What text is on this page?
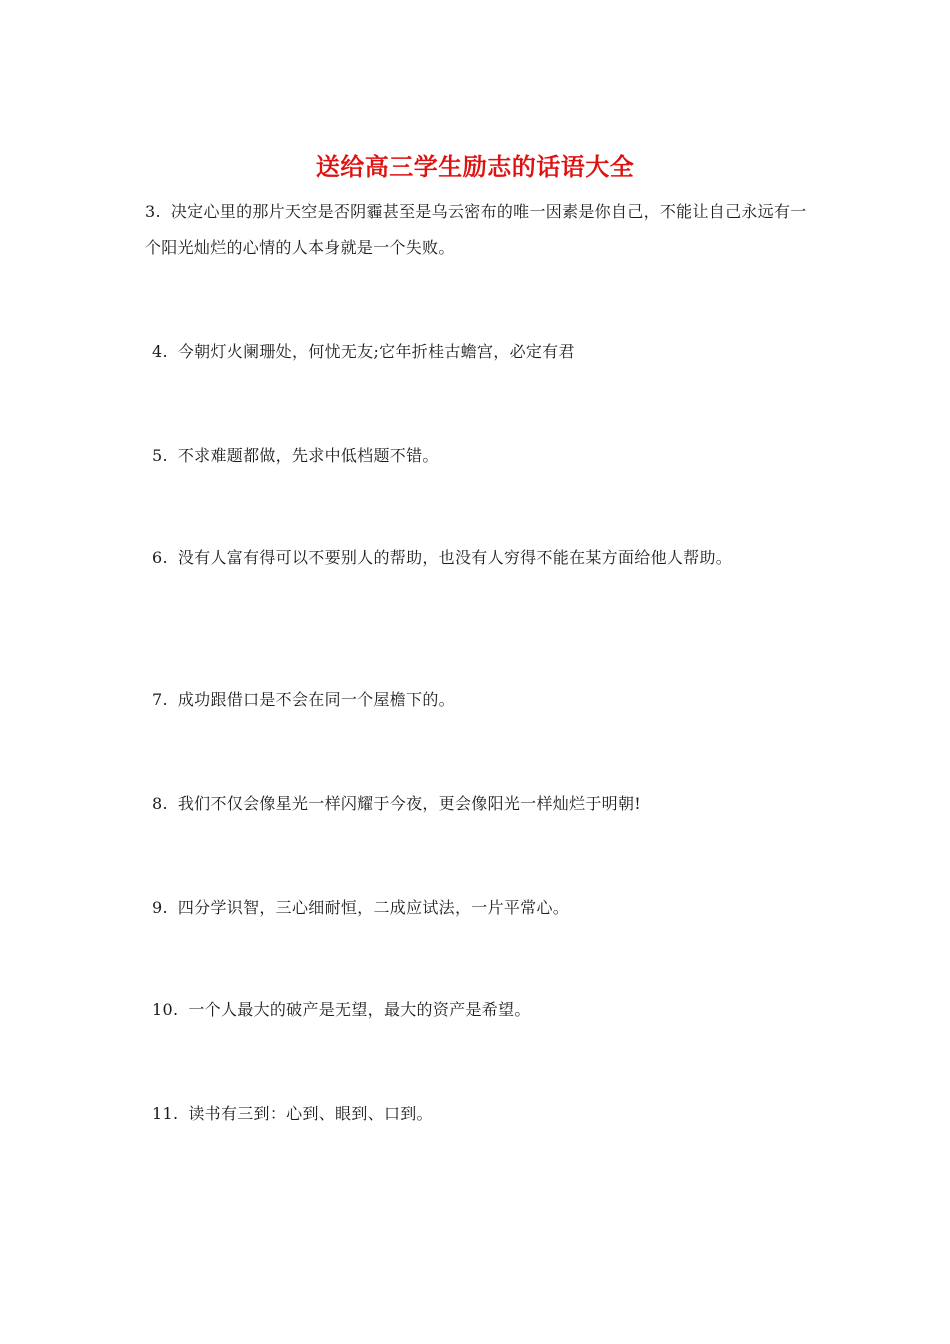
送给高三学生励志的话语大全
3. 决定心里的那片天空是否阴霾甚至是乌云密布的唯一因素是你自己，不能让自己永远有一个阳光灿烂的心情的人本身就是一个失败。
4. 今朝灯火阑珊处，何忧无友;它年折桂古蟾宫，必定有君
5. 不求难题都做，先求中低档题不错。
6. 没有人富有得可以不要别人的帮助，也没有人穷得不能在某方面给他人帮助。
7. 成功跟借口是不会在同一个屋檐下的。
8. 我们不仅会像星光一样闪耀于今夜，更会像阳光一样灿烂于明朝!
9. 四分学识智，三心细耐恒，二成应试法，一片平常心。
10. 一个人最大的破产是无望，最大的资产是希望。
11. 读书有三到：心到、眼到、口到。
